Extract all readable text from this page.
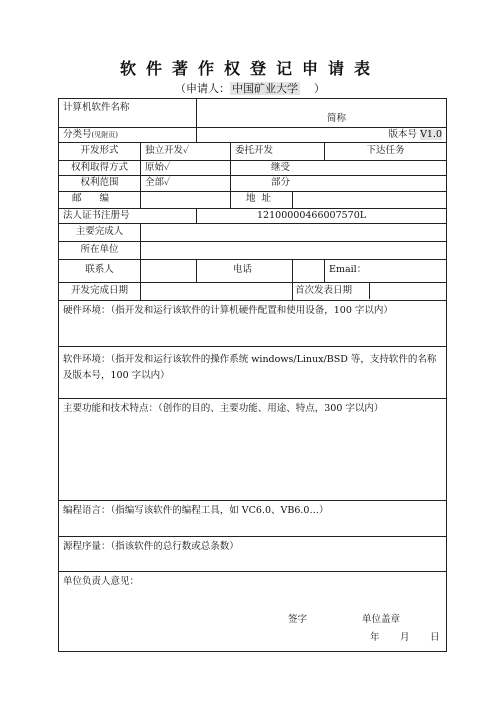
软件著作权登记申请表
（申请人： 中国矿业大学 ）
计算机软件名称		简称			
分类号(见附页)		版本号 V1.0			
开发形式	独立开发✓		委托开发		下达任务
权利取得方式	原始✓		继受		
权利范围	全部✓		部分		
邮编			地址		
法人证书注册号		12100000466007570L			
主要完成人					
所在单位					
联系人		电话			Email：
开发完成日期				首次发表日期	
硬件环境：（指开发和运行该软件的计算机硬件配置和使用设备，100 字以内）					
软件环境：（指开发和运行该软件的操作系统 windows/Linux/BSD 等，支持软件的名称及版本号，100 字以内）					
主要功能和技术特点：（创作的目的、主要功能、用途、特点，300 字以内）					
编程语言：（指编写该软件的编程工具，如 VC6.0、VB6.0…）					
源程序量：（指该软件的总行数或总条数）					
单位负责人意见：					
签字	单位盖章
年 月 日
